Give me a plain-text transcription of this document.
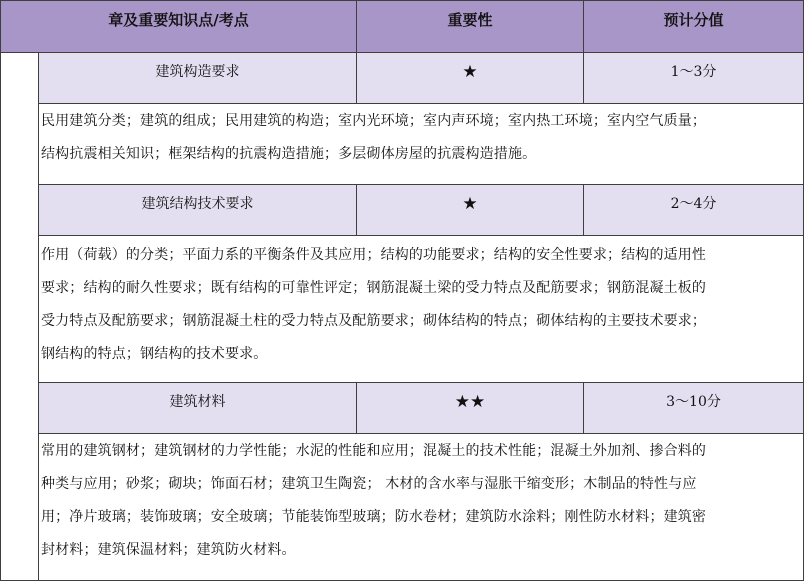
章及重要知识点/考点	重要性	预计分值
建筑构造要求	★	1～3分
民用建筑分类；建筑的组成；民用建筑的构造；室内光环境；室内声环境；室内热工环境；室内空气质量；
结构抗震相关知识；框架结构的抗震构造措施；多层砌体房屋的抗震构造措施。
建筑结构技术要求	★	2～4分
作用（荷载）的分类；平面力系的平衡条件及其应用；结构的功能要求；结构的安全性要求；结构的适用性
要求；结构的耐久性要求；既有结构的可靠性评定；钢筋混凝土梁的受力特点及配筋要求；钢筋混凝土板的
受力特点及配筋要求；钢筋混凝土柱的受力特点及配筋要求；砌体结构的特点；砌体结构的主要技术要求；
钢结构的特点；钢结构的技术要求。
建筑材料	★★	3～10分
常用的建筑钢材；建筑钢材的力学性能；水泥的性能和应用；混凝土的技术性能；混凝土外加剂、掺合料的
种类与应用；砂浆；砌块；饰面石材；建筑卫生陶瓷； 木材的含水率与湿胀干缩变形；木制品的特性与应
用；净片玻璃；装饰玻璃；安全玻璃；节能装饰型玻璃；防水卷材；建筑防水涂料；刚性防水材料；建筑密
封材料；建筑保温材料；建筑防火材料。
